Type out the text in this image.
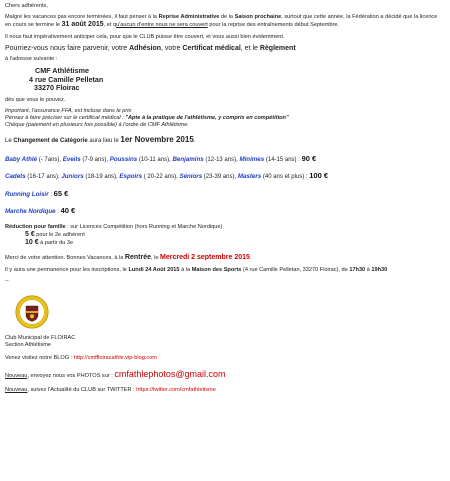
Chers adhérents,

Malgré les vacances pas encore terminées, il faut penser à la Reprise Administrative de la Saison prochaine, surtout que cette année, la Fédération a décidé que la licence en cours se termine le 31 août 2015, et qu'aucun d'entre nous ne sera couvert pour la reprise des entraînements début Septembre.

Il nous faut impérativement anticiper cela, pour que le CLUB puisse être couvert, et vous aussi bien évidemment.

Pourriez-vous nous faire parvenir, votre Adhésion, votre Certificat médical, et le Règlement

à l'adresse suivante :

CMF Athlétisme
4 rue Camille Pelletan
33270 Floirac

dès que vous le pouvez.

Important, l'assurance FFA, est incluse dans le prix

Pensez à faire préciser sur le certificat médical : "Apte à la pratique de l'athlétisme, y compris en compétition"

Chèque (paiement en plusieurs fois possible) à l'ordre de CMF Athlétisme.

Le Changement de Catégorie aura lieu le 1er Novembre 2015.

Baby Athlé (- 7ans), Eveils (7-9 ans), Poussins (10-11 ans), Benjamins (12-13 ans), Minimes (14-15 ans) : 90 €

Cadets (16-17 ans), Juniors (18-19 ans), Espoirs ( 20-22 ans), Séniors (23-39 ans), Masters (40 ans et plus) : 100 €

Running Loisir : 65 €

Marche Nordique : 40 €

Réduction pour famille : sur Licences Compétition (hors Running et Marche Nordique)

5 € pour le 2e adhérent

10 € à partir du 3e

Merci de votre attention. Bonnes Vacances, à la Rentrée, le Mercredi 2 septembre 2015.

Il y aura une permanence pour les inscriptions, le Lundi 24 Août 2015 à la Maison des Sports (4 rue Camille Pelletan, 33270 Floirac), de 17h30 à 19h30

--

Club Municipal de FLOIRAC

Section Athlétisme

Venez visitez notre BLOG : http://cmffloiracathle.vip-blog.com

Nouveau, envoyez nous vos PHOTOS sur : cmfathlephotos@gmail.com

Nouveau, suivez l'Actualité du CLUB sur TWITTER : https://twitter.com/cmfathletisme
